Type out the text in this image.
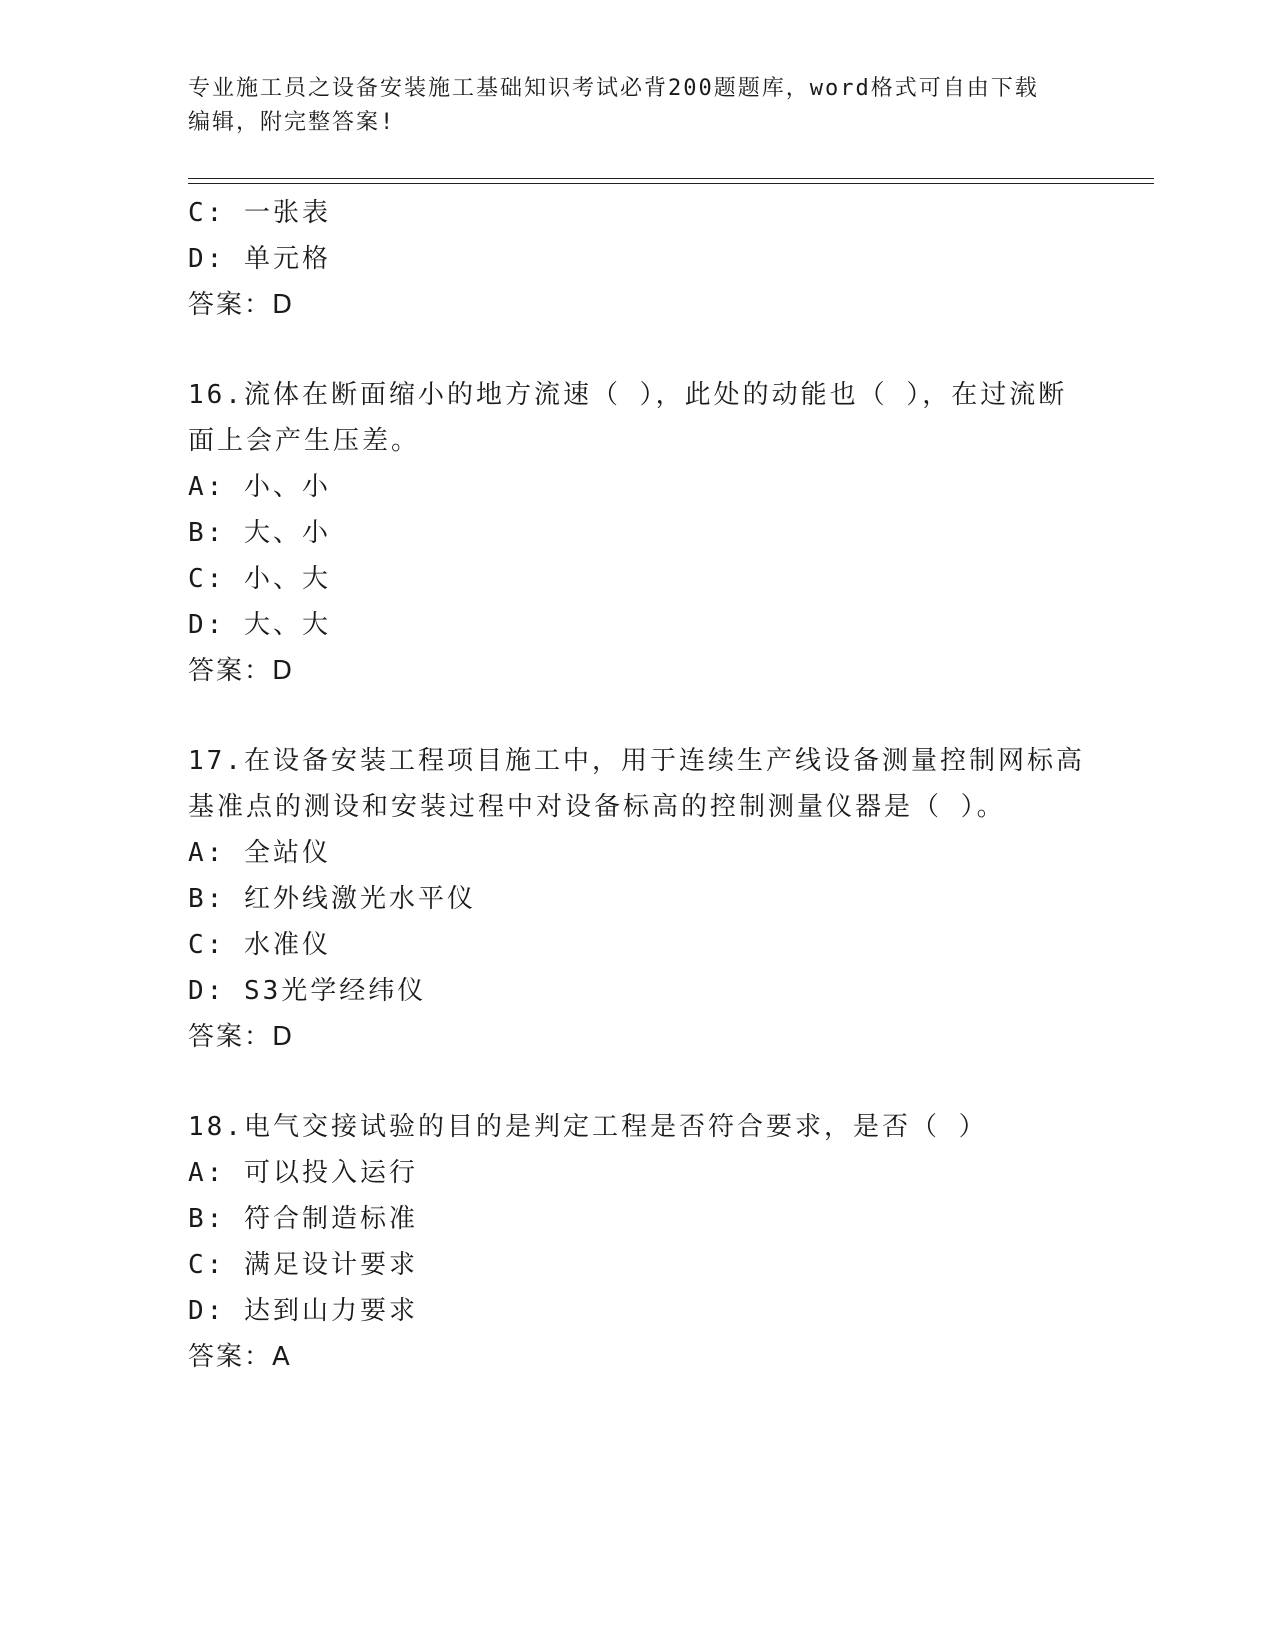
专业施工员之设备安装施工基础知识考试必背200题题库，word格式可自由下载
编辑，附完整答案!
C: 一张表
D: 单元格
答案：D
16.流体在断面缩小的地方流速（ ），此处的动能也（ ），在过流断
面上会产生压差。
A: 小、小
B: 大、小
C: 小、大
D: 大、大
答案：D
17.在设备安装工程项目施工中，用于连续生产线设备测量控制网标高
基准点的测设和安装过程中对设备标高的控制测量仪器是（ ）。
A: 全站仪
B: 红外线激光水平仪
C: 水准仪
D: S3光学经纬仪
答案：D
18.电气交接试验的目的是判定工程是否符合要求，是否（ ）
A: 可以投入运行
B: 符合制造标准
C: 满足设计要求
D: 达到山力要求
答案：A
